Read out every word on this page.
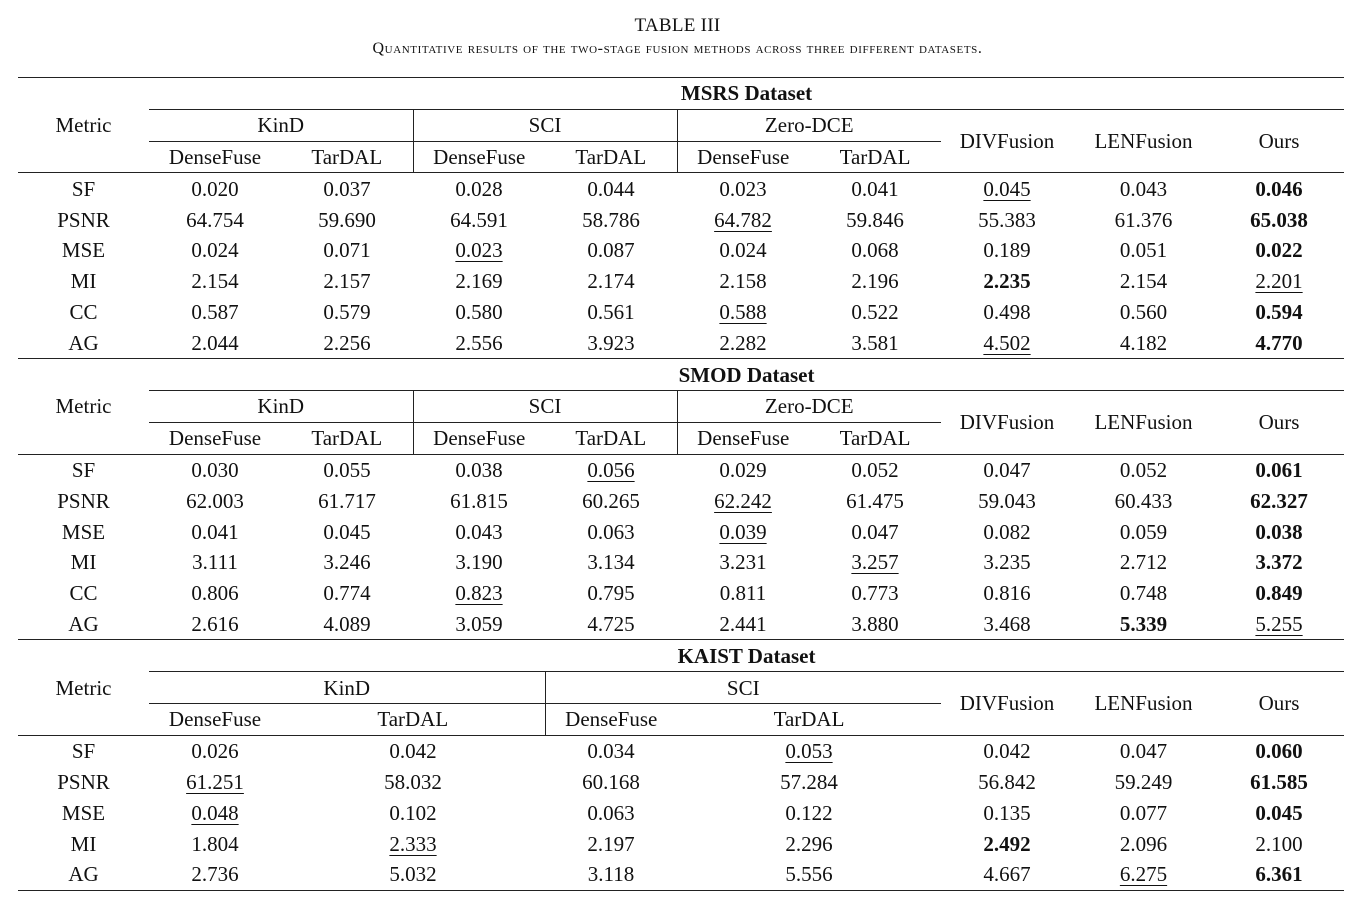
TABLE III
Quantitative results of the two-stage fusion methods across three different datasets.
Metric	MSRS Dataset								
	KinD		SCI		Zero-DCE		DIVFusion	LENFusion	Ours
	DenseFuse	TarDAL	DenseFuse	TarDAL	DenseFuse	TarDAL			
SF	0.020	0.037	0.028	0.044	0.023	0.041	0.045	0.043	0.046
PSNR	64.754	59.690	64.591	58.786	64.782	59.846	55.383	61.376	65.038
MSE	0.024	0.071	0.023	0.087	0.024	0.068	0.189	0.051	0.022
MI	2.154	2.157	2.169	2.174	2.158	2.196	2.235	2.154	2.201
CC	0.587	0.579	0.580	0.561	0.588	0.522	0.498	0.560	0.594
AG	2.044	2.256	2.556	3.923	2.282	3.581	4.502	4.182	4.770
Metric	SMOD Dataset								
	KinD		SCI		Zero-DCE		DIVFusion	LENFusion	Ours
	DenseFuse	TarDAL	DenseFuse	TarDAL	DenseFuse	TarDAL			
SF	0.030	0.055	0.038	0.056	0.029	0.052	0.047	0.052	0.061
PSNR	62.003	61.717	61.815	60.265	62.242	61.475	59.043	60.433	62.327
MSE	0.041	0.045	0.043	0.063	0.039	0.047	0.082	0.059	0.038
MI	3.111	3.246	3.190	3.134	3.231	3.257	3.235	2.712	3.372
CC	0.806	0.774	0.823	0.795	0.811	0.773	0.816	0.748	0.849
AG	2.616	4.089	3.059	4.725	2.441	3.880	3.468	5.339	5.255
Metric	KAIST Dataset								
	KinD			SCI			DIVFusion	LENFusion	Ours
	DenseFuse	TarDAL		DenseFuse	TarDAL				
SF	0.026	0.042		0.034	0.053		0.042	0.047	0.060
PSNR	61.251	58.032		60.168	57.284		56.842	59.249	61.585
MSE	0.048	0.102		0.063	0.122		0.135	0.077	0.045
MI	1.804	2.333		2.197	2.296		2.492	2.096	2.100
AG	2.736	5.032		3.118	5.556		4.667	6.275	6.361
